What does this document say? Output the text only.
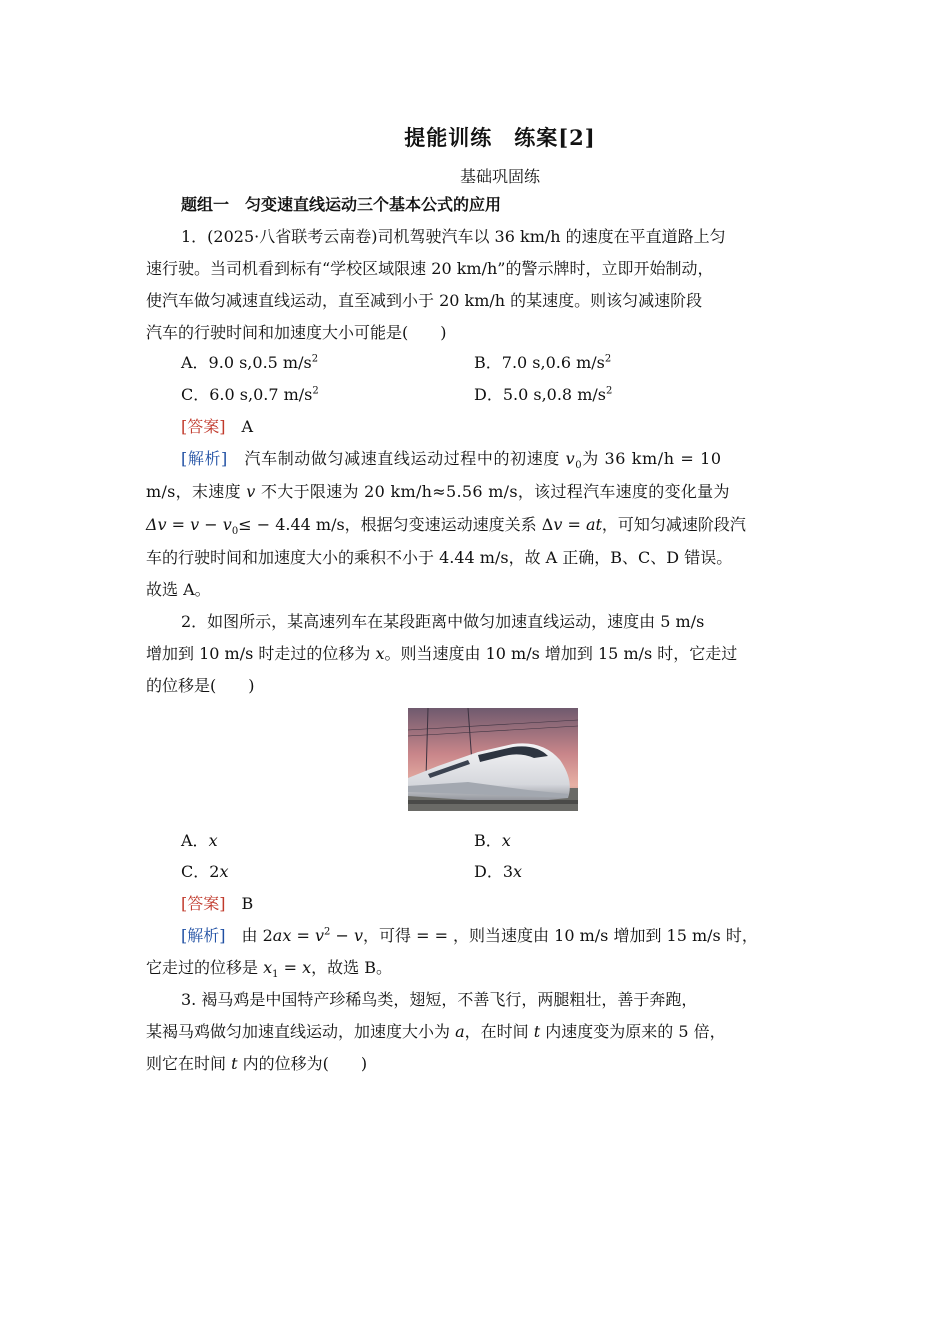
提能训练　练案[2]
基础巩固练
题组一　匀变速直线运动三个基本公式的应用
1．(2025·八省联考云南卷)司机驾驶汽车以 36 km/h 的速度在平直道路上匀
速行驶。当司机看到标有“学校区域限速 20 km/h”的警示牌时，立即开始制动，
使汽车做匀减速直线运动，直至减到小于 20 km/h 的某速度。则该匀减速阶段
汽车的行驶时间和加速度大小可能是(　　)
A．9.0 s,0.5 $m/s^2$	B．7.0 s,0.6 $m/s^2$
C．6.0 s,0.7 $m/s^2$	D．5.0 s,0.8 $m/s^2$
[答案]　 A
[解析]　 汽车制动做匀减速直线运动过程中的初速度 $v_0$为 36 km/h = 10
m/s，末速度 v 不大于限速为 20 km/h≈5.56 m/s，该过程汽车速度的变化量为
$\Delta v = v - v_0\le - 4.44$ m/s，根据匀变速运动速度关系 Δv = at，可知匀减速阶段汽
车的行驶时间和加速度大小的乘积不小于 4.44 m/s，故 A 正确，B、C、D 错误。
故选 A。
2．如图所示，某高速列车在某段距离中做匀加速直线运动，速度由 5 m/s
增加到 10 m/s 时走过的位移为 x。则当速度由 10 m/s 增加到 15 m/s 时，它走过
的位移是(　　)
A．x	B．x
C．2x	D．3x
[答案]　 B
[解析]　 由 $2ax = v^2 - v$，可得 = = ，则当速度由 10 m/s 增加到 15 m/s 时，
它走过的位移是 $x_1 = x$，故选 B。
3. 褐马鸡是中国特产珍稀鸟类，翅短，不善飞行，两腿粗壮，善于奔跑，
某褐马鸡做匀加速直线运动，加速度大小为 a，在时间 t 内速度变为原来的 5 倍，
则它在时间 t 内的位移为(　　)
